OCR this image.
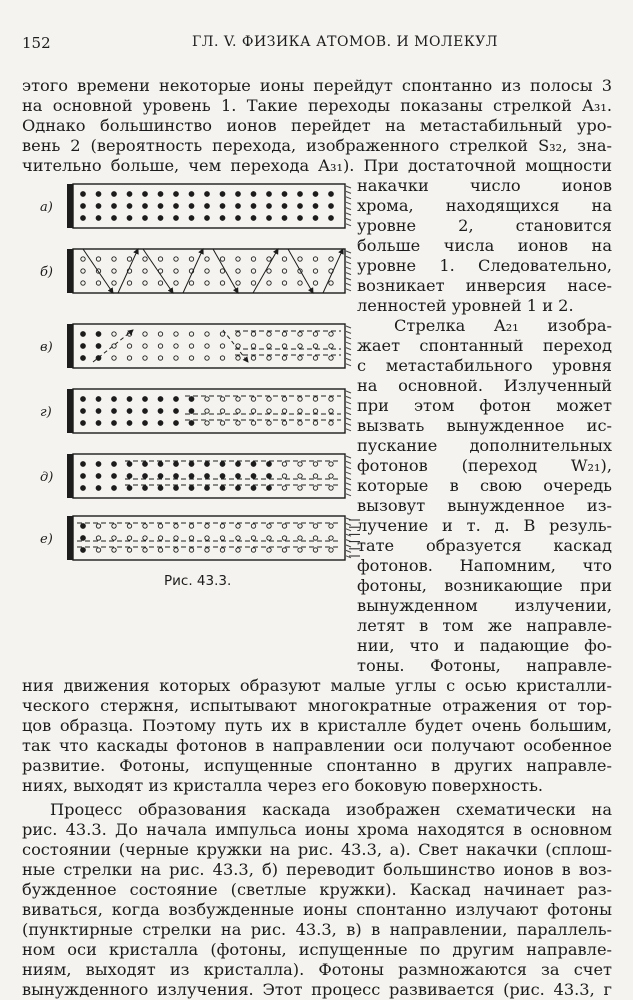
152	ГЛ. V. ФИЗИКА АТОМОВ. И МОЛЕКУЛ
этого времени некоторые ионы перейдут спонтанно из полосы 3
на основной уровень 1. Такие переходы показаны стрелкой A₃₁.
Однако большинство ионов перейдет на метастабильный уро-
вень 2 (вероятность перехода, изображенного стрелкой S₃₂, зна-
чительно больше, чем перехода A₃₁). При достаточной мощности
накачки число ионов
хрома, находящихся на
уровне 2, становится
больше числа ионов на
уровне 1. Следовательно,
возникает инверсия насе-
ленностей уровней 1 и 2.
Стрелка A₂₁ изобра-
жает спонтанный переход
с метастабильного уровня
на основной. Излученный
при этом фотон может
вызвать вынужденное ис-
пускание дополнительных
фотонов (переход W₂₁),
которые в свою очередь
вызовут вынужденное из-
лучение и т. д. В резуль-
тате образуется каскад
фотонов. Напомним, что
фотоны, возникающие при
вынужденном излучении,
летят в том же направле-
нии, что и падающие фо-
тоны. Фотоны, направле-
ния движения которых образуют малые углы с осью кристалли-
ческого стержня, испытывают многократные отражения от тор-
цов образца. Поэтому путь их в кристалле будет очень большим,
так что каскады фотонов в направлении оси получают особенное
развитие. Фотоны, испущенные спонтанно в других направле-
ниях, выходят из кристалла через его боковую поверхность.
Процесс образования каскада изображен схематически на
рис. 43.3. До начала импульса ионы хрома находятся в основном
состоянии (черные кружки на рис. 43.3, а). Свет накачки (сплош-
ные стрелки на рис. 43.3, б) переводит большинство ионов в воз-
бужденное состояние (светлые кружки). Каскад начинает раз-
виваться, когда возбужденные ионы спонтанно излучают фотоны
(пунктирные стрелки на рис. 43.3, в) в направлении, параллель-
ном оси кристалла (фотоны, испущенные по другим направле-
ниям, выходят из кристалла). Фотоны размножаются за счет
вынужденного излучения. Этот процесс развивается (рис. 43.3, г
а)
б)
в)
г)
д)
е)
Рис. 43.3.
